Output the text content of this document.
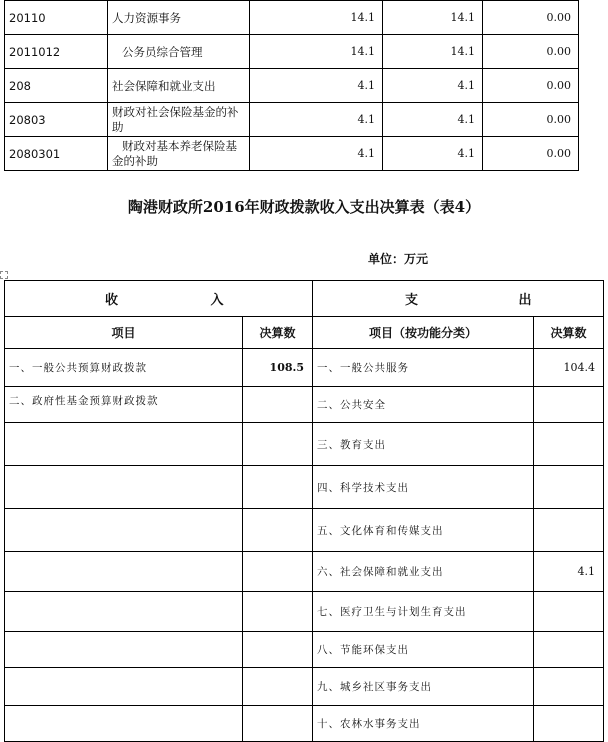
20110	人力资源事务	14.1	14.1	0.00
2011012	公务员综合管理	14.1	14.1	0.00
208	社会保障和就业支出	4.1	4.1	0.00
20803	财政对社会保险基金的补助	4.1	4.1	0.00
2080301	财政对基本养老保险基金的补助	4.1	4.1	0.00
陶港财政所2016年财政拨款收入支出决算表（表4）
单位：万元
收 入		支 出	
项目	决算数	项目（按功能分类）	决算数
一、一般公共预算财政拨款	108.5	一、一般公共服务	104.4
二、政府性基金预算财政拨款		二、公共安全	
		三、教育支出	
		四、科学技术支出	
		五、文化体育和传媒支出	
		六、社会保障和就业支出	4.1
		七、医疗卫生与计划生育支出	
		八、节能环保支出	
		九、城乡社区事务支出	
		十、农林水事务支出	
